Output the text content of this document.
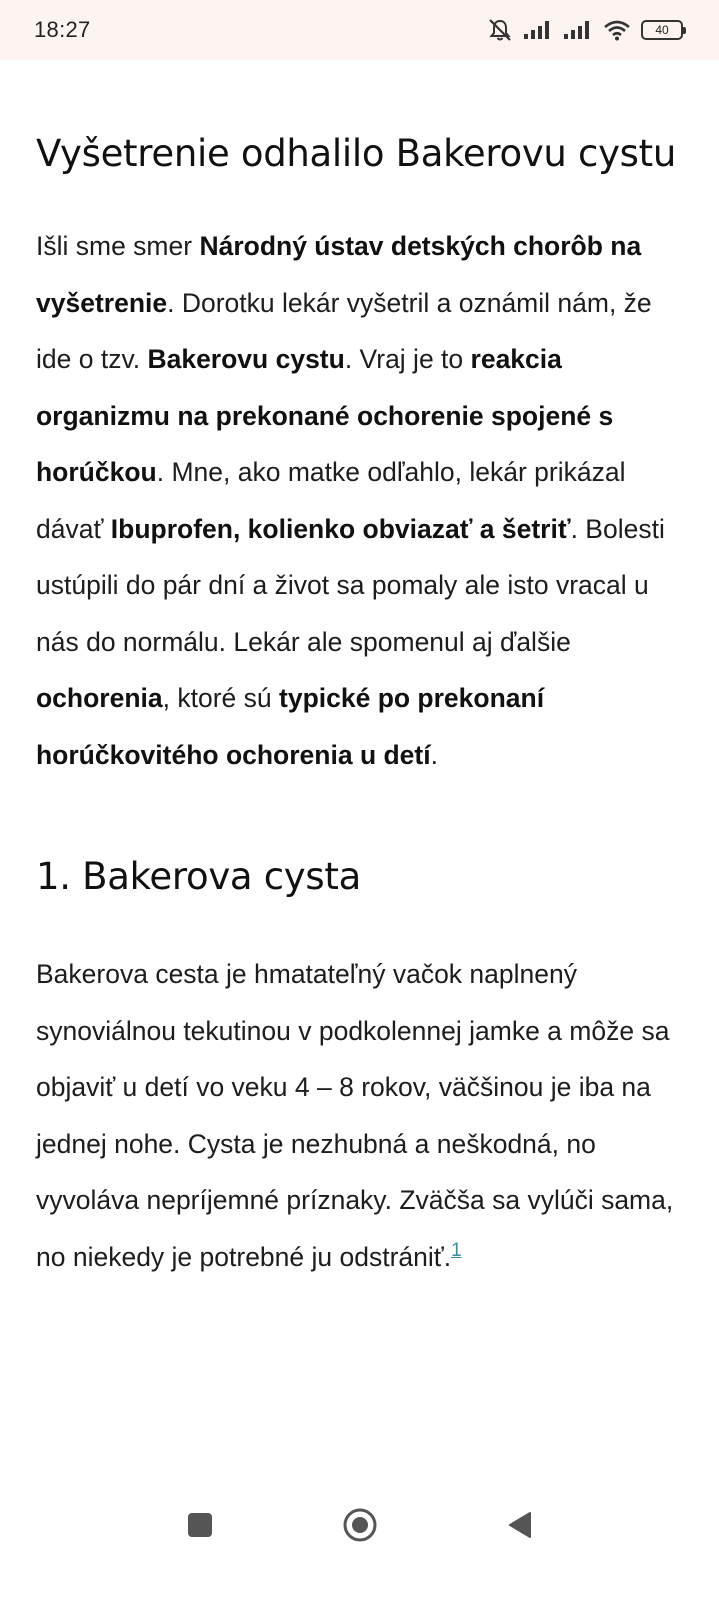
18:27	40
Vyšetrenie odhalilo Bakerovu cystu

Išli sme smer Národný ústav detských chorôb na vyšetrenie. Dorotku lekár vyšetril a oznámil nám, že ide o tzv. Bakerovu cystu. Vraj je to reakcia organizmu na prekonané ochorenie spojené s horúčkou. Mne, ako matke odľahlo, lekár prikázal dávať Ibuprofen, kolienko obviazať a šetriť. Bolesti ustúpili do pár dní a život sa pomaly ale isto vracal u nás do normálu. Lekár ale spomenul aj ďalšie ochorenia, ktoré sú typické po prekonaní horúčkovitého ochorenia u detí.

1. Bakerova cysta

Bakerova cesta je hmatateľný vačok naplnený synoviálnou tekutinou v podkolennej jamke a môže sa objaviť u detí vo veku 4 – 8 rokov, väčšinou je iba na jednej nohe. Cysta je nezhubná a neškodná, no vyvoláva nepríjemné príznaky. Zväčša sa vylúči sama, no niekedy je potrebné ju odstrániť.$^1$
